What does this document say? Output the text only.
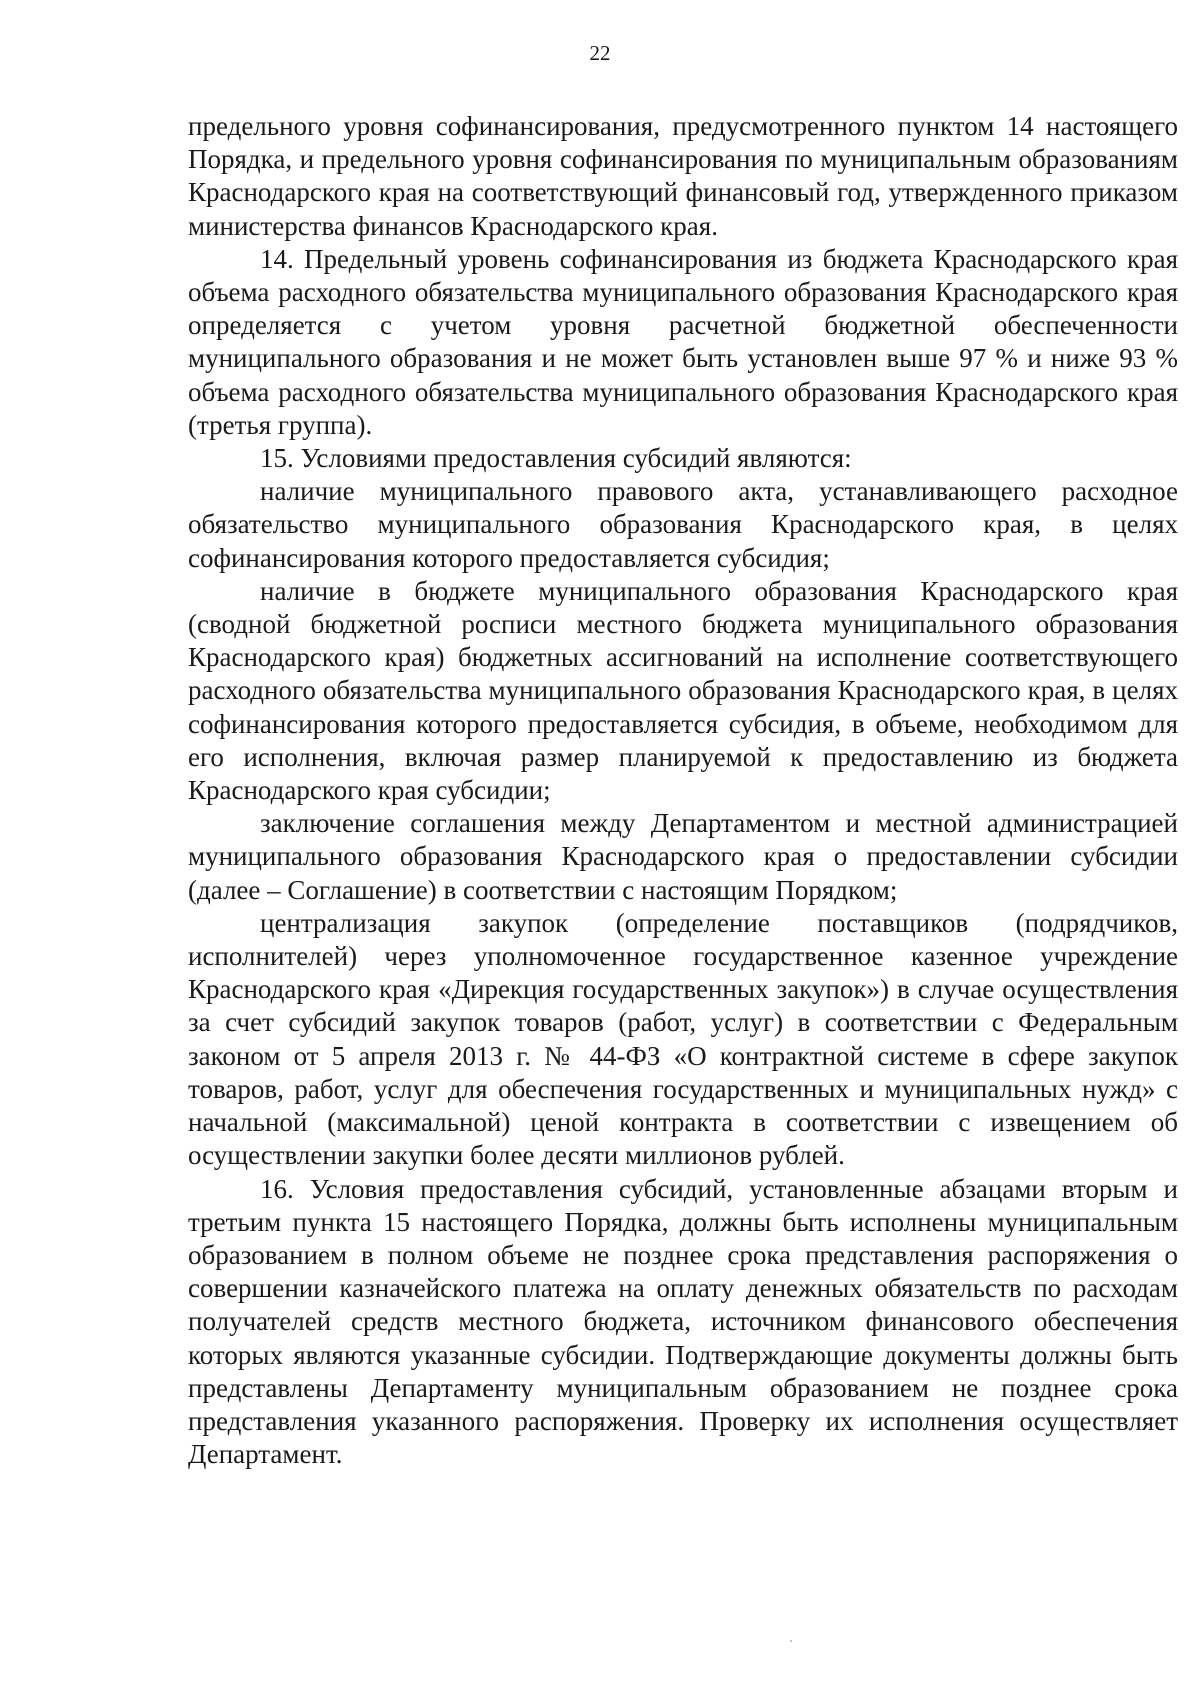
22

предельного уровня софинансирования, предусмотренного пунктом 14 настоящего Порядка, и предельного уровня софинансирования по муниципальным образованиям Краснодарского края на соответствующий финансовый год, утвержденного приказом министерства финансов Краснодарского края.

14. Предельный уровень софинансирования из бюджета Краснодарского края объема расходного обязательства муниципального образования Краснодарского края определяется с учетом уровня расчетной бюджетной обеспеченности муниципального образования и не может быть установлен выше 97 % и ниже 93 % объема расходного обязательства муниципального образования Краснодарского края (третья группа).

15. Условиями предоставления субсидий являются:

наличие муниципального правового акта, устанавливающего расходное обязательство муниципального образования Краснодарского края, в целях софинансирования которого предоставляется субсидия;

наличие в бюджете муниципального образования Краснодарского края (сводной бюджетной росписи местного бюджета муниципального образования Краснодарского края) бюджетных ассигнований на исполнение соответствующего расходного обязательства муниципального образования Краснодарского края, в целях софинансирования которого предоставляется субсидия, в объеме, необходимом для его исполнения, включая размер планируемой к предоставлению из бюджета Краснодарского края субсидии;

заключение соглашения между Департаментом и местной администрацией муниципального образования Краснодарского края о предоставлении субсидии (далее – Соглашение) в соответствии с настоящим Порядком;

централизация закупок (определение поставщиков (подрядчиков, исполнителей) через уполномоченное государственное казенное учреждение Краснодарского края «Дирекция государственных закупок») в случае осуществления за счет субсидий закупок товаров (работ, услуг) в соответствии с Федеральным законом от 5 апреля 2013 г. № 44-ФЗ «О контрактной системе в сфере закупок товаров, работ, услуг для обеспечения государственных и муниципальных нужд» с начальной (максимальной) ценой контракта в соответствии с извещением об осуществлении закупки более десяти миллионов рублей.

16. Условия предоставления субсидий, установленные абзацами вторым и третьим пункта 15 настоящего Порядка, должны быть исполнены муниципальным образованием в полном объеме не позднее срока представления распоряжения о совершении казначейского платежа на оплату денежных обязательств по расходам получателей средств местного бюджета, источником финансового обеспечения которых являются указанные субсидии. Подтверждающие документы должны быть представлены Департаменту муниципальным образованием не позднее срока представления указанного распоряжения. Проверку их исполнения осуществляет Департамент.
